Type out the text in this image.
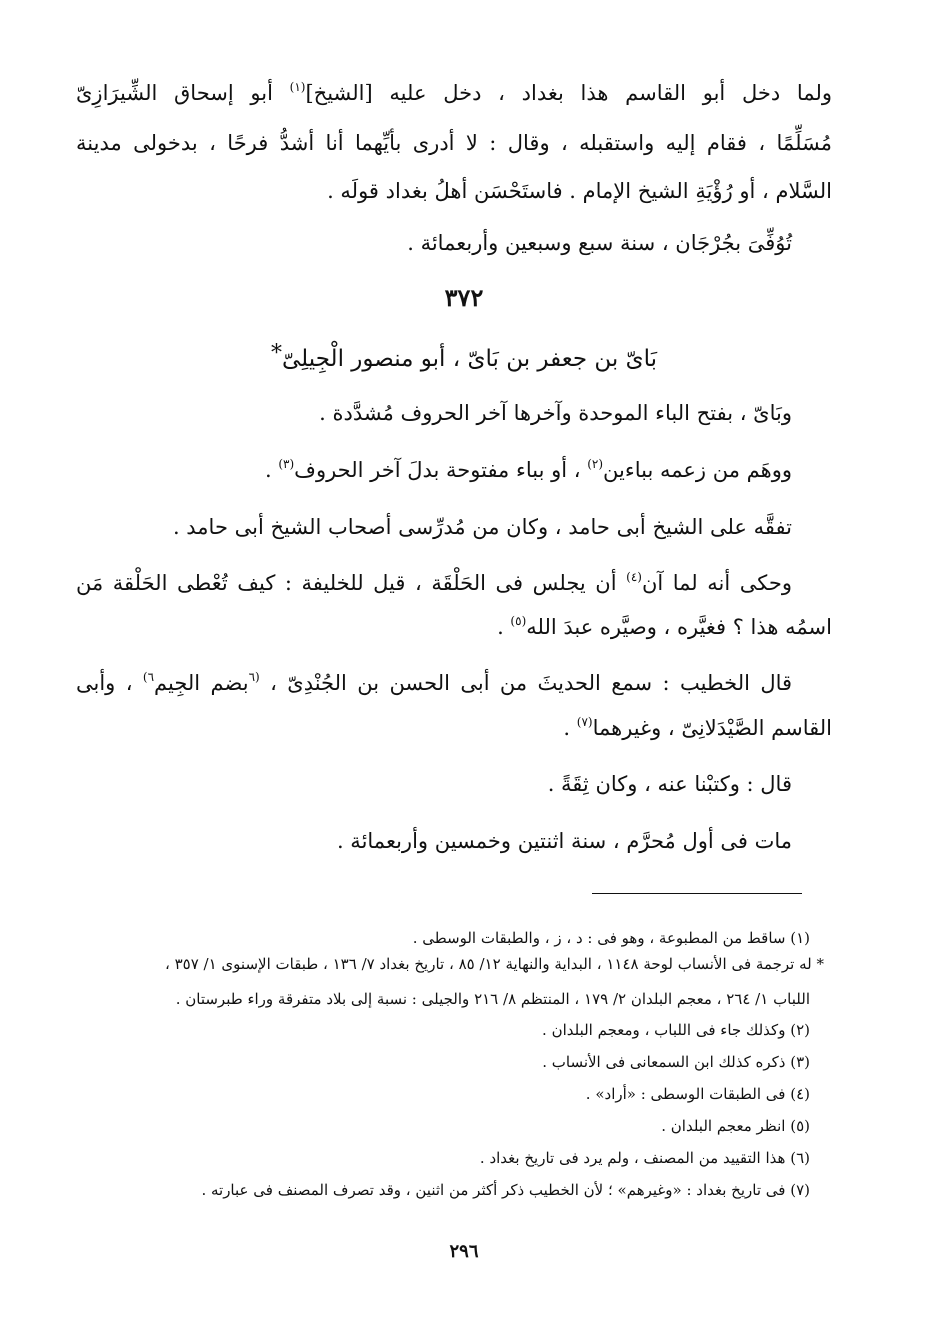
ولما دخل أبو القاسم هذا بغداد ، دخل عليه [الشيخ]$^{(١)}$ أبو إسحاق الشِّيرَازِىّ
مُسَلِّمًا ، فقام إليه واستقبله ، وقال : لا أدرى بأيِّهما أنا أشدُّ فرحًا ، بدخولى مدينة
السَّلام ، أو رُؤْيَةِ الشيخ الإمام . فاستَحْسَن أهلُ بغداد قولَه .
تُوُفِّىَ بجُرْجَان ، سنة سبع وسبعين وأربعمائة .
٣٧٢
بَاىّ بن جعفر بن بَاىّ ، أبو منصور الْجِيلِىّ*
وبَاىّ ، بفتح الباء الموحدة وآخرها آخر الحروف مُشدَّدة .
ووهَم من زعمه بباءين$^{(٢)}$ ، أو بباء مفتوحة بدلَ آخر الحروف$^{(٣)}$ .
تفقَّه على الشيخ أبى حامد ، وكان من مُدرِّسى أصحاب الشيخ أبى حامد .
وحكى أنه لما آن$^{(٤)}$ أن يجلس فى الحَلْقَة ، قيل للخليفة : كيف تُعْطى الحَلْقة مَن
اسمُه هذا ؟ فغيَّره ، وصيَّره عبدَ الله$^{(٥)}$ .
قال الخطيب : سمع الحديثَ من أبى الحسن بن الجُنْدِىّ ، $^{(٦}$بضم الجِيم$^{٦)}$ ، وأبى
القاسم الصَّيْدَلانِىّ ، وغيرهما$^{(٧)}$ .
قال : وكتبْنا عنه ، وكان ثِقَةً .
مات فى أول مُحرَّم ، سنة اثنتين وخمسين وأربعمائة .
(١) ساقط من المطبوعة ، وهو فى : د ، ز ، والطبقات الوسطى .
* له ترجمة فى الأنساب لوحة ١١٤٨ ، البداية والنهاية ١٢/ ٨٥ ، تاريخ بغداد ٧/ ١٣٦ ، طبقات الإسنوى ١/ ٣٥٧ ،
اللباب ١/ ٢٦٤ ، معجم البلدان ٢/ ١٧٩ ، المنتظم ٨/ ٢١٦ والجيلى : نسبة إلى بلاد متفرقة وراء طبرستان .
(٢) وكذلك جاء فى اللباب ، ومعجم البلدان .
(٣) ذكره كذلك ابن السمعانى فى الأنساب .
(٤) فى الطبقات الوسطى : «أراد» .
(٥) انظر معجم البلدان .
(٦) هذا التقييد من المصنف ، ولم يرد فى تاريخ بغداد .
(٧) فى تاريخ بغداد : «وغيرهم» ؛ لأن الخطيب ذكر أكثر من اثنين ، وقد تصرف المصنف فى عبارته .
٢٩٦
